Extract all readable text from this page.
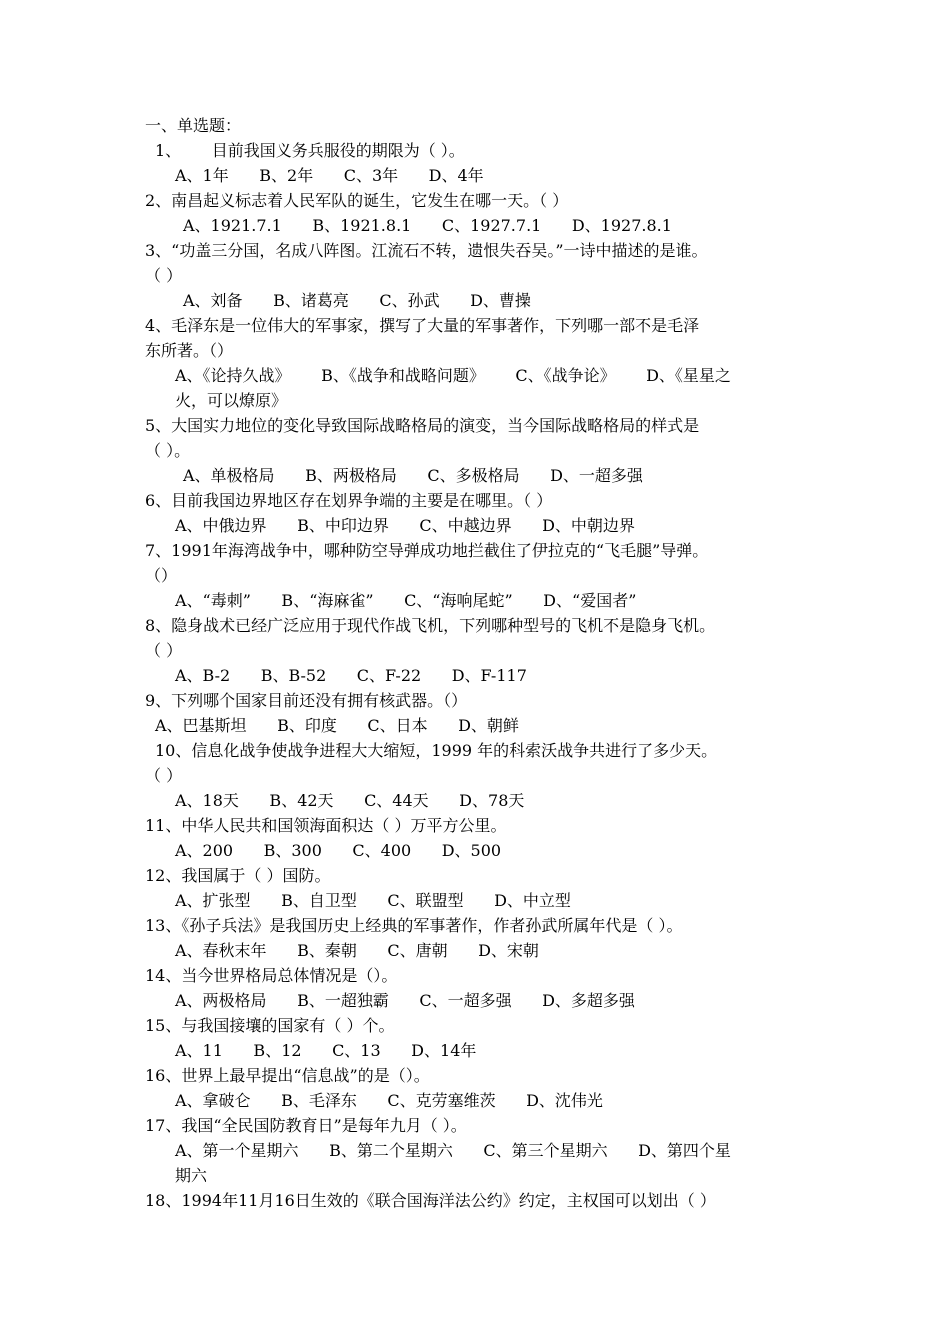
一、单选题：
1、      目前我国义务兵服役的期限为（ ）。
A、1年      B、2年      C、3年      D、4年
2、南昌起义标志着人民军队的诞生，它发生在哪一天。（ ）
A、1921.7.1      B、1921.8.1      C、1927.7.1      D、1927.8.1
3、“功盖三分国，名成八阵图。江流石不转，遗恨失吞吴。”一诗中描述的是谁。
（ ）
A、刘备      B、诸葛亮      C、孙武      D、曹操
4、毛泽东是一位伟大的军事家，撰写了大量的军事著作，下列哪一部不是毛泽
东所著。（）
A、《论持久战》      B、《战争和战略问题》      C、《战争论》      D、《星星之
火，可以燎原》
5、大国实力地位的变化导致国际战略格局的演变，当今国际战略格局的样式是
（ ）。
A、单极格局      B、两极格局      C、多极格局      D、一超多强
6、目前我国边界地区存在划界争端的主要是在哪里。（ ）
A、中俄边界      B、中印边界      C、中越边界      D、中朝边界
7、1991年海湾战争中，哪种防空导弹成功地拦截住了伊拉克的“飞毛腿”导弹。
（）
A、“毒刺”      B、“海麻雀”      C、“海响尾蛇”      D、“爱国者”
8、隐身战术已经广泛应用于现代作战飞机，下列哪种型号的飞机不是隐身飞机。
（ ）
A、B-2      B、B-52      C、F-22      D、F-117
9、下列哪个国家目前还没有拥有核武器。（）
A、巴基斯坦      B、印度      C、日本      D、朝鲜
10、信息化战争使战争进程大大缩短，1999 年的科索沃战争共进行了多少天。
（ ）
A、18天      B、42天      C、44天      D、78天
11、中华人民共和国领海面积达（ ）万平方公里。
A、200      B、300      C、400      D、500
12、我国属于（ ）国防。
A、扩张型      B、自卫型      C、联盟型      D、中立型
13、《孙子兵法》是我国历史上经典的军事著作，作者孙武所属年代是（ ）。
A、春秋末年      B、秦朝      C、唐朝      D、宋朝
14、当今世界格局总体情况是（）。
A、两极格局      B、一超独霸      C、一超多强      D、多超多强
15、与我国接壤的国家有（ ）个。
A、11      B、12      C、13      D、14年
16、世界上最早提出“信息战”的是（）。
A、拿破仑      B、毛泽东      C、克劳塞维茨      D、沈伟光
17、我国“全民国防教育日”是每年九月（ ）。
A、第一个星期六      B、第二个星期六      C、第三个星期六      D、第四个星
期六
18、1994年11月16日生效的《联合国海洋法公约》约定，主权国可以划出（ ）
